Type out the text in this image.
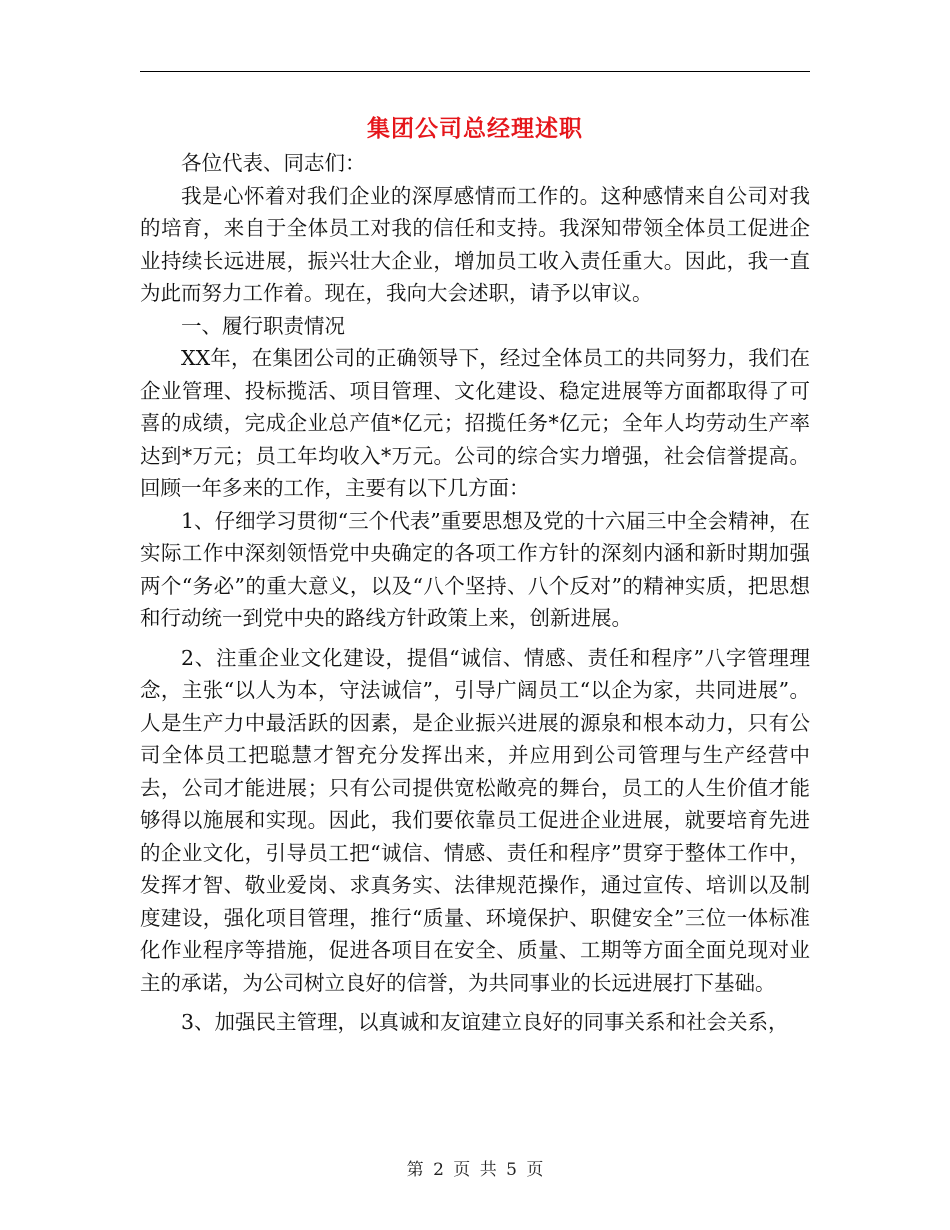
集团公司总经理述职

各位代表、同志们：

我是心怀着对我们企业的深厚感情而工作的。这种感情来自公司对我的培育，来自于全体员工对我的信任和支持。我深知带领全体员工促进企业持续长远进展，振兴壮大企业，增加员工收入责任重大。因此，我一直为此而努力工作着。现在，我向大会述职，请予以审议。

一、履行职责情况

XX年，在集团公司的正确领导下，经过全体员工的共同努力，我们在企业管理、投标揽活、项目管理、文化建设、稳定进展等方面都取得了可喜的成绩，完成企业总产值*亿元；招揽任务*亿元；全年人均劳动生产率达到*万元；员工年均收入*万元。公司的综合实力增强，社会信誉提高。回顾一年多来的工作，主要有以下几方面：

1、仔细学习贯彻“三个代表”重要思想及党的十六届三中全会精神，在实际工作中深刻领悟党中央确定的各项工作方针的深刻内涵和新时期加强两个“务必”的重大意义，以及“八个坚持、八个反对”的精神实质，把思想和行动统一到党中央的路线方针政策上来，创新进展。

2、注重企业文化建设，提倡“诚信、情感、责任和程序”八字管理理念，主张“以人为本，守法诚信”，引导广阔员工“以企为家，共同进展”。人是生产力中最活跃的因素，是企业振兴进展的源泉和根本动力，只有公司全体员工把聪慧才智充分发挥出来，并应用到公司管理与生产经营中去，公司才能进展；只有公司提供宽松敞亮的舞台，员工的人生价值才能够得以施展和实现。因此，我们要依靠员工促进企业进展，就要培育先进的企业文化，引导员工把“诚信、情感、责任和程序”贯穿于整体工作中，发挥才智、敬业爱岗、求真务实、法律规范操作，通过宣传、培训以及制度建设，强化项目管理，推行“质量、环境保护、职健安全”三位一体标准化作业程序等措施，促进各项目在安全、质量、工期等方面全面兑现对业主的承诺，为公司树立良好的信誉，为共同事业的长远进展打下基础。

3、加强民主管理，以真诚和友谊建立良好的同事关系和社会关系，

第 2 页 共 5 页
